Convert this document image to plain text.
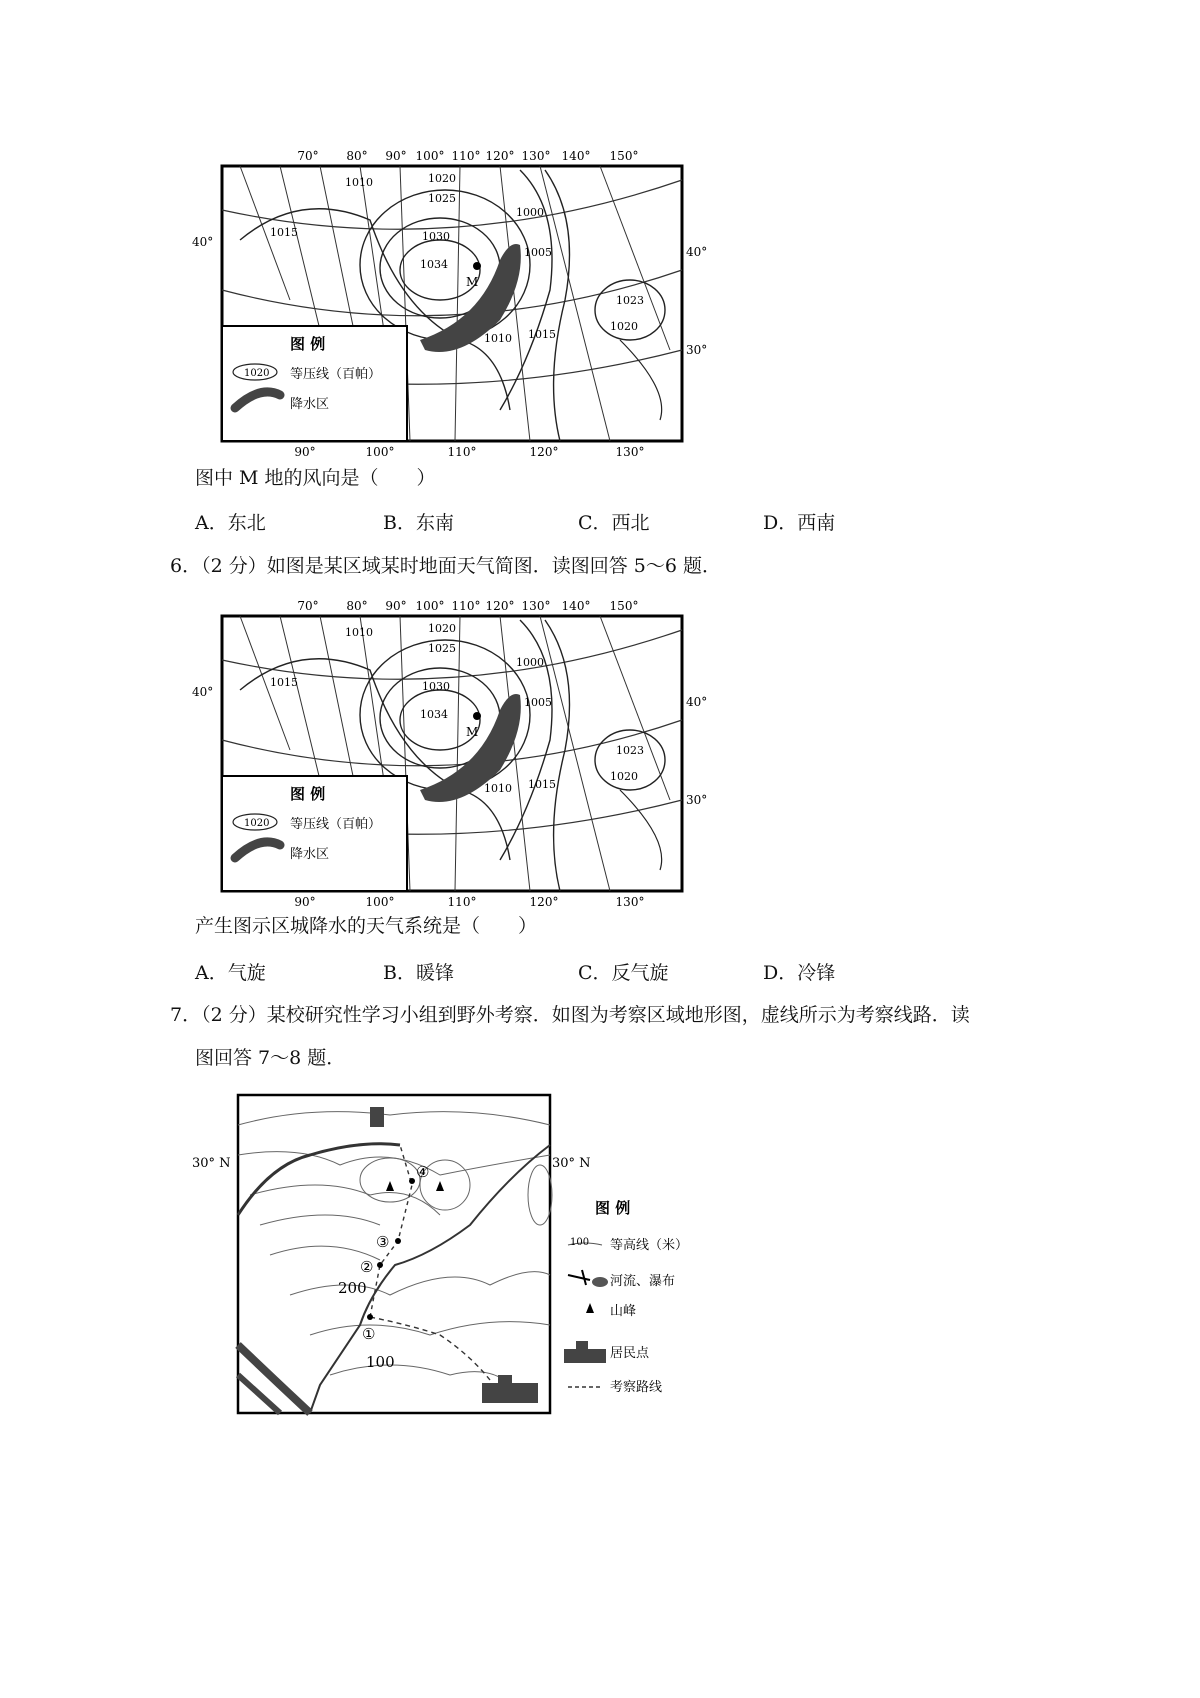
70° 80° 90° 100° 110° 120° 130° 140° 150°
90°	100°	110°	120°	130°
40°
40°
30°
1010	1020
1025
1015	1030
1034
1000
1005
1023
1020
1010 1015
M
图 例
1020 等压线（百帕）
降水区
图中 M 地的风向是（　　）
A．东北	B．东南	C．西北	D．西南
6．（2 分）如图是某区域某时地面天气简图．读图回答 5～6 题．
70° 80° 90° 100° 110° 120° 130° 140° 150°
90°	100°	110°	120°	130°
40°
40°
30°
1010	1020
1025
1015	1030
1034
1000
1005
1023
1020
1010 1015
M
图 例
1020 等压线（百帕）
降水区
产生图示区城降水的天气系统是（　　）
A．气旋	B．暖锋	C．反气旋	D．冷锋
7．（2 分）某校研究性学习小组到野外考察．如图为考察区域地形图，虚线所示为考察线路．读
图回答 7～8 题．
30° N	30° N
200
100
①
②
③
④
图 例
100 等高线（米）
河流、瀑布
山峰
居民点
考察路线
